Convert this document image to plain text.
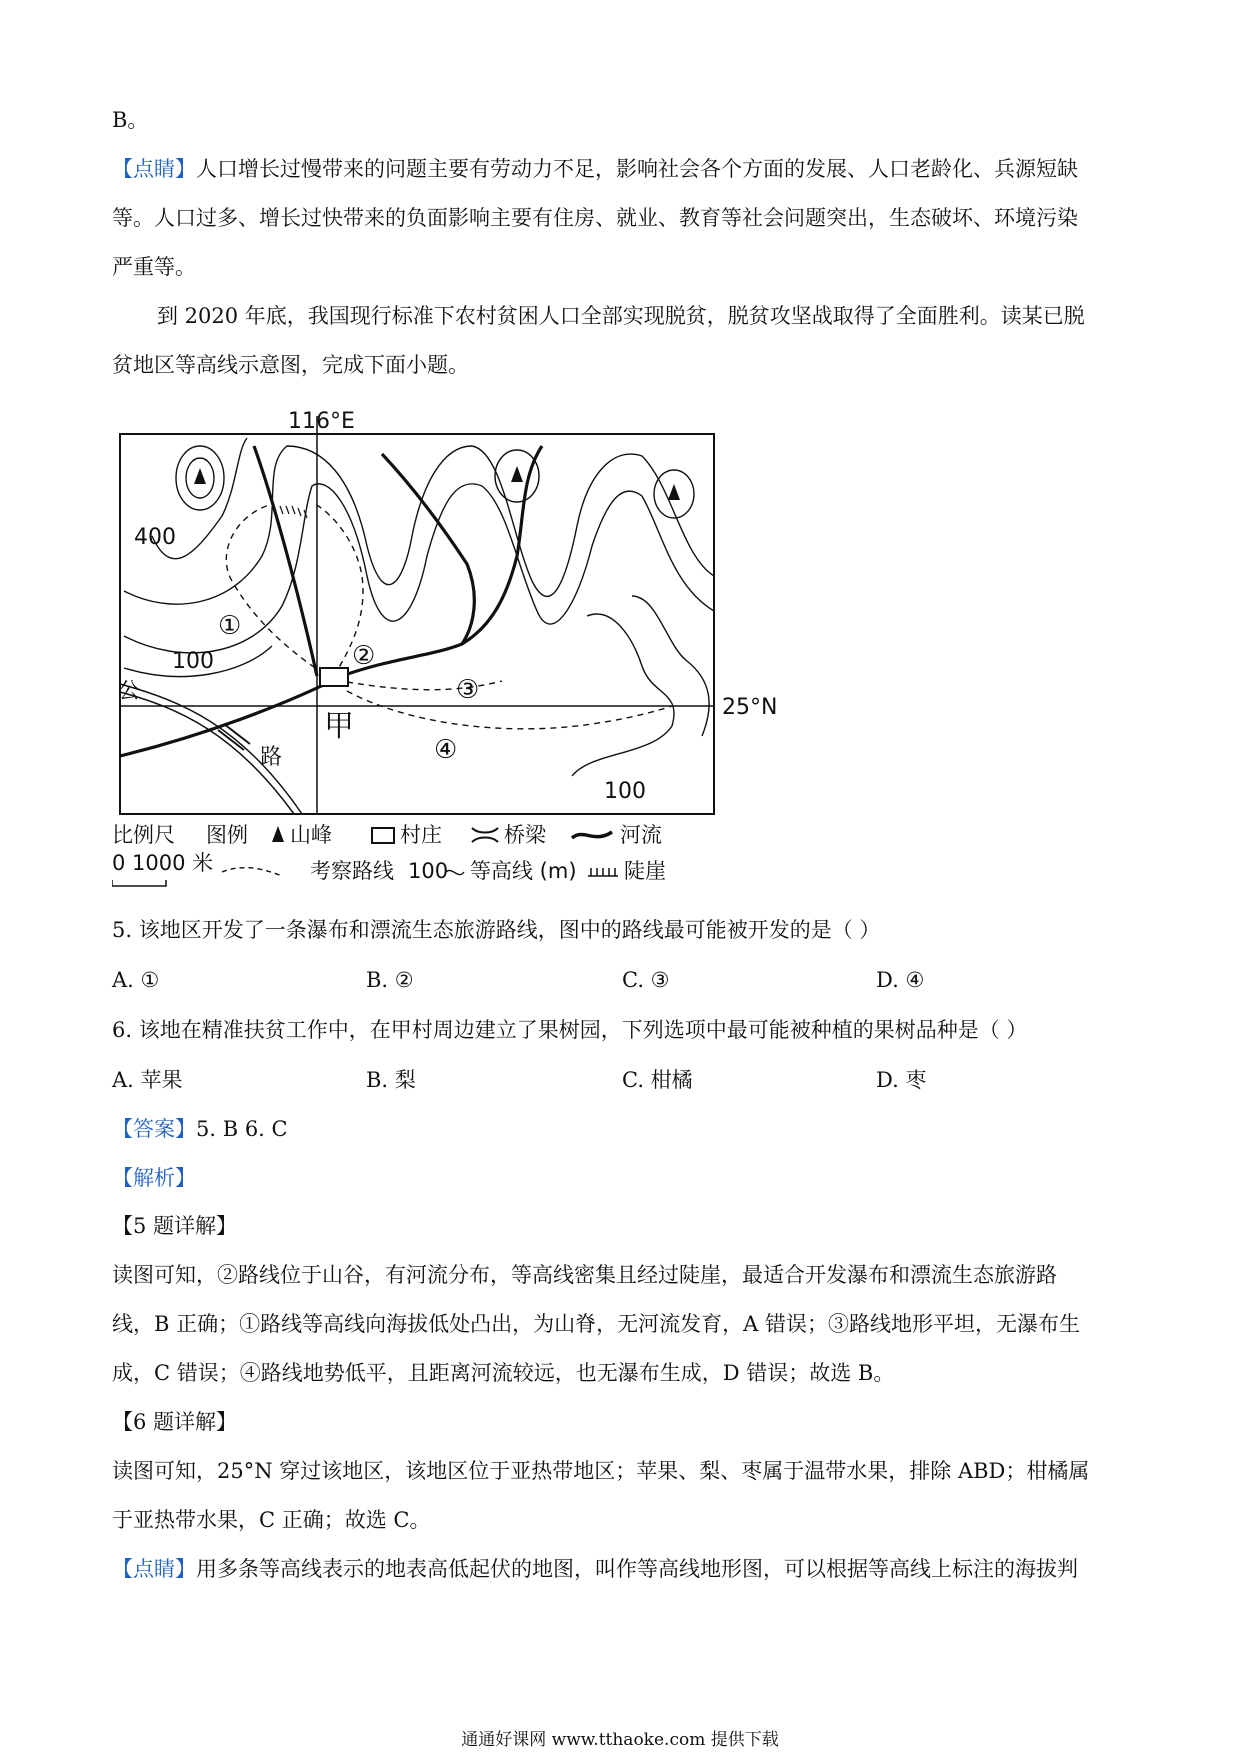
B。
【点睛】人口增长过慢带来的问题主要有劳动力不足，影响社会各个方面的发展、人口老龄化、兵源短缺
等。人口过多、增长过快带来的负面影响主要有住房、就业、教育等社会问题突出，生态破坏、环境污染
严重等。
到 2020 年底，我国现行标准下农村贫困人口全部实现脱贫，脱贫攻坚战取得了全面胜利。读某已脱
贫地区等高线示意图，完成下面小题。
116°E
400
100
100
25°N
①
②
③
④
甲
公
路
比例尺
0 1000 米
图例 山峰	村庄	桥梁	河流
考察路线 100 等高线 (m) 陡崖
5. 该地区开发了一条瀑布和漂流生态旅游路线，图中的路线最可能被开发的是（ ）
A. ①	B. ②	C. ③	D. ④
6. 该地在精准扶贫工作中，在甲村周边建立了果树园，下列选项中最可能被种植的果树品种是（ ）
A. 苹果	B. 梨	C. 柑橘	D. 枣
【答案】5. B 6. C
【解析】
【5 题详解】
读图可知，②路线位于山谷，有河流分布，等高线密集且经过陡崖，最适合开发瀑布和漂流生态旅游路
线，B 正确；①路线等高线向海拔低处凸出，为山脊，无河流发育，A 错误；③路线地形平坦，无瀑布生
成，C 错误；④路线地势低平，且距离河流较远，也无瀑布生成，D 错误；故选 B。
【6 题详解】
读图可知，25°N 穿过该地区，该地区位于亚热带地区；苹果、梨、枣属于温带水果，排除 ABD；柑橘属
于亚热带水果，C 正确；故选 C。
【点睛】用多条等高线表示的地表高低起伏的地图，叫作等高线地形图，可以根据等高线上标注的海拔判
通通好课网 www.tthaoke.com 提供下载
